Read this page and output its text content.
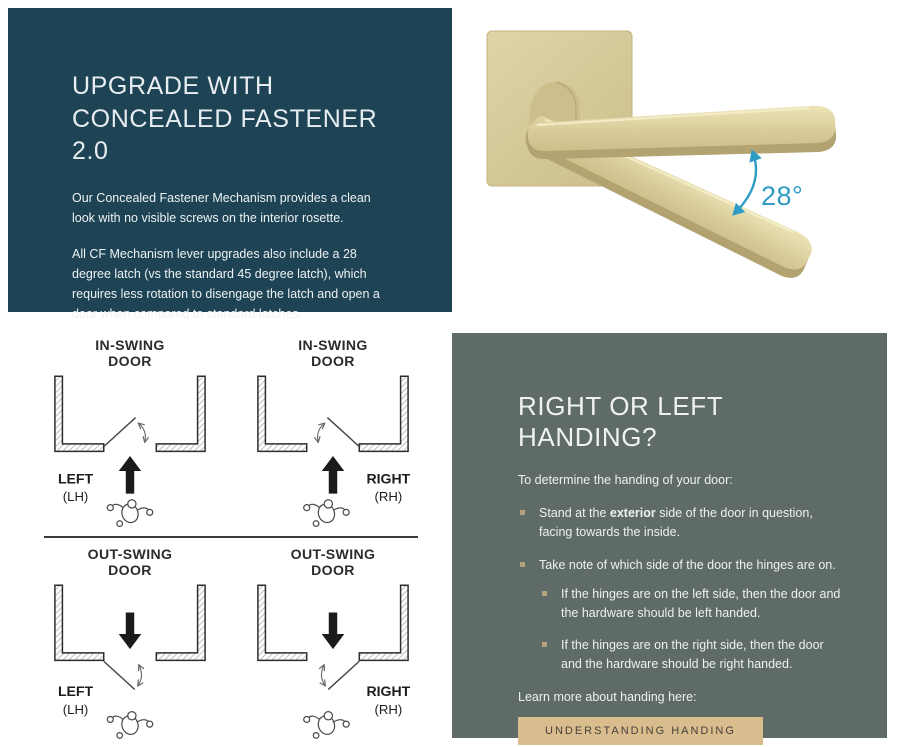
UPGRADE WITH CONCEALED FASTENER 2.0

Our Concealed Fastener Mechanism provides a clean look with no visible screws on the interior rosette.

All CF Mechanism lever upgrades also include a 28 degree latch (vs the standard 45 degree latch), which requires less rotation to disengage the latch and open a door when compared to standard latches.

28°
IN-SWING
DOOR
LEFT
(LH)
IN-SWING
DOOR
RIGHT
(RH)
OUT-SWING
DOOR
LEFT
(LH)
OUT-SWING
DOOR
RIGHT
(RH)
RIGHT OR LEFT HANDING?

To determine the handing of your door:

Stand at the exterior side of the door in question, facing towards the inside.

Take note of which side of the door the hinges are on.

If the hinges are on the left side, then the door and the hardware should be left handed.

If the hinges are on the right side, then the door and the hardware should be right handed.

Learn more about handing here:

UNDERSTANDING HANDING
